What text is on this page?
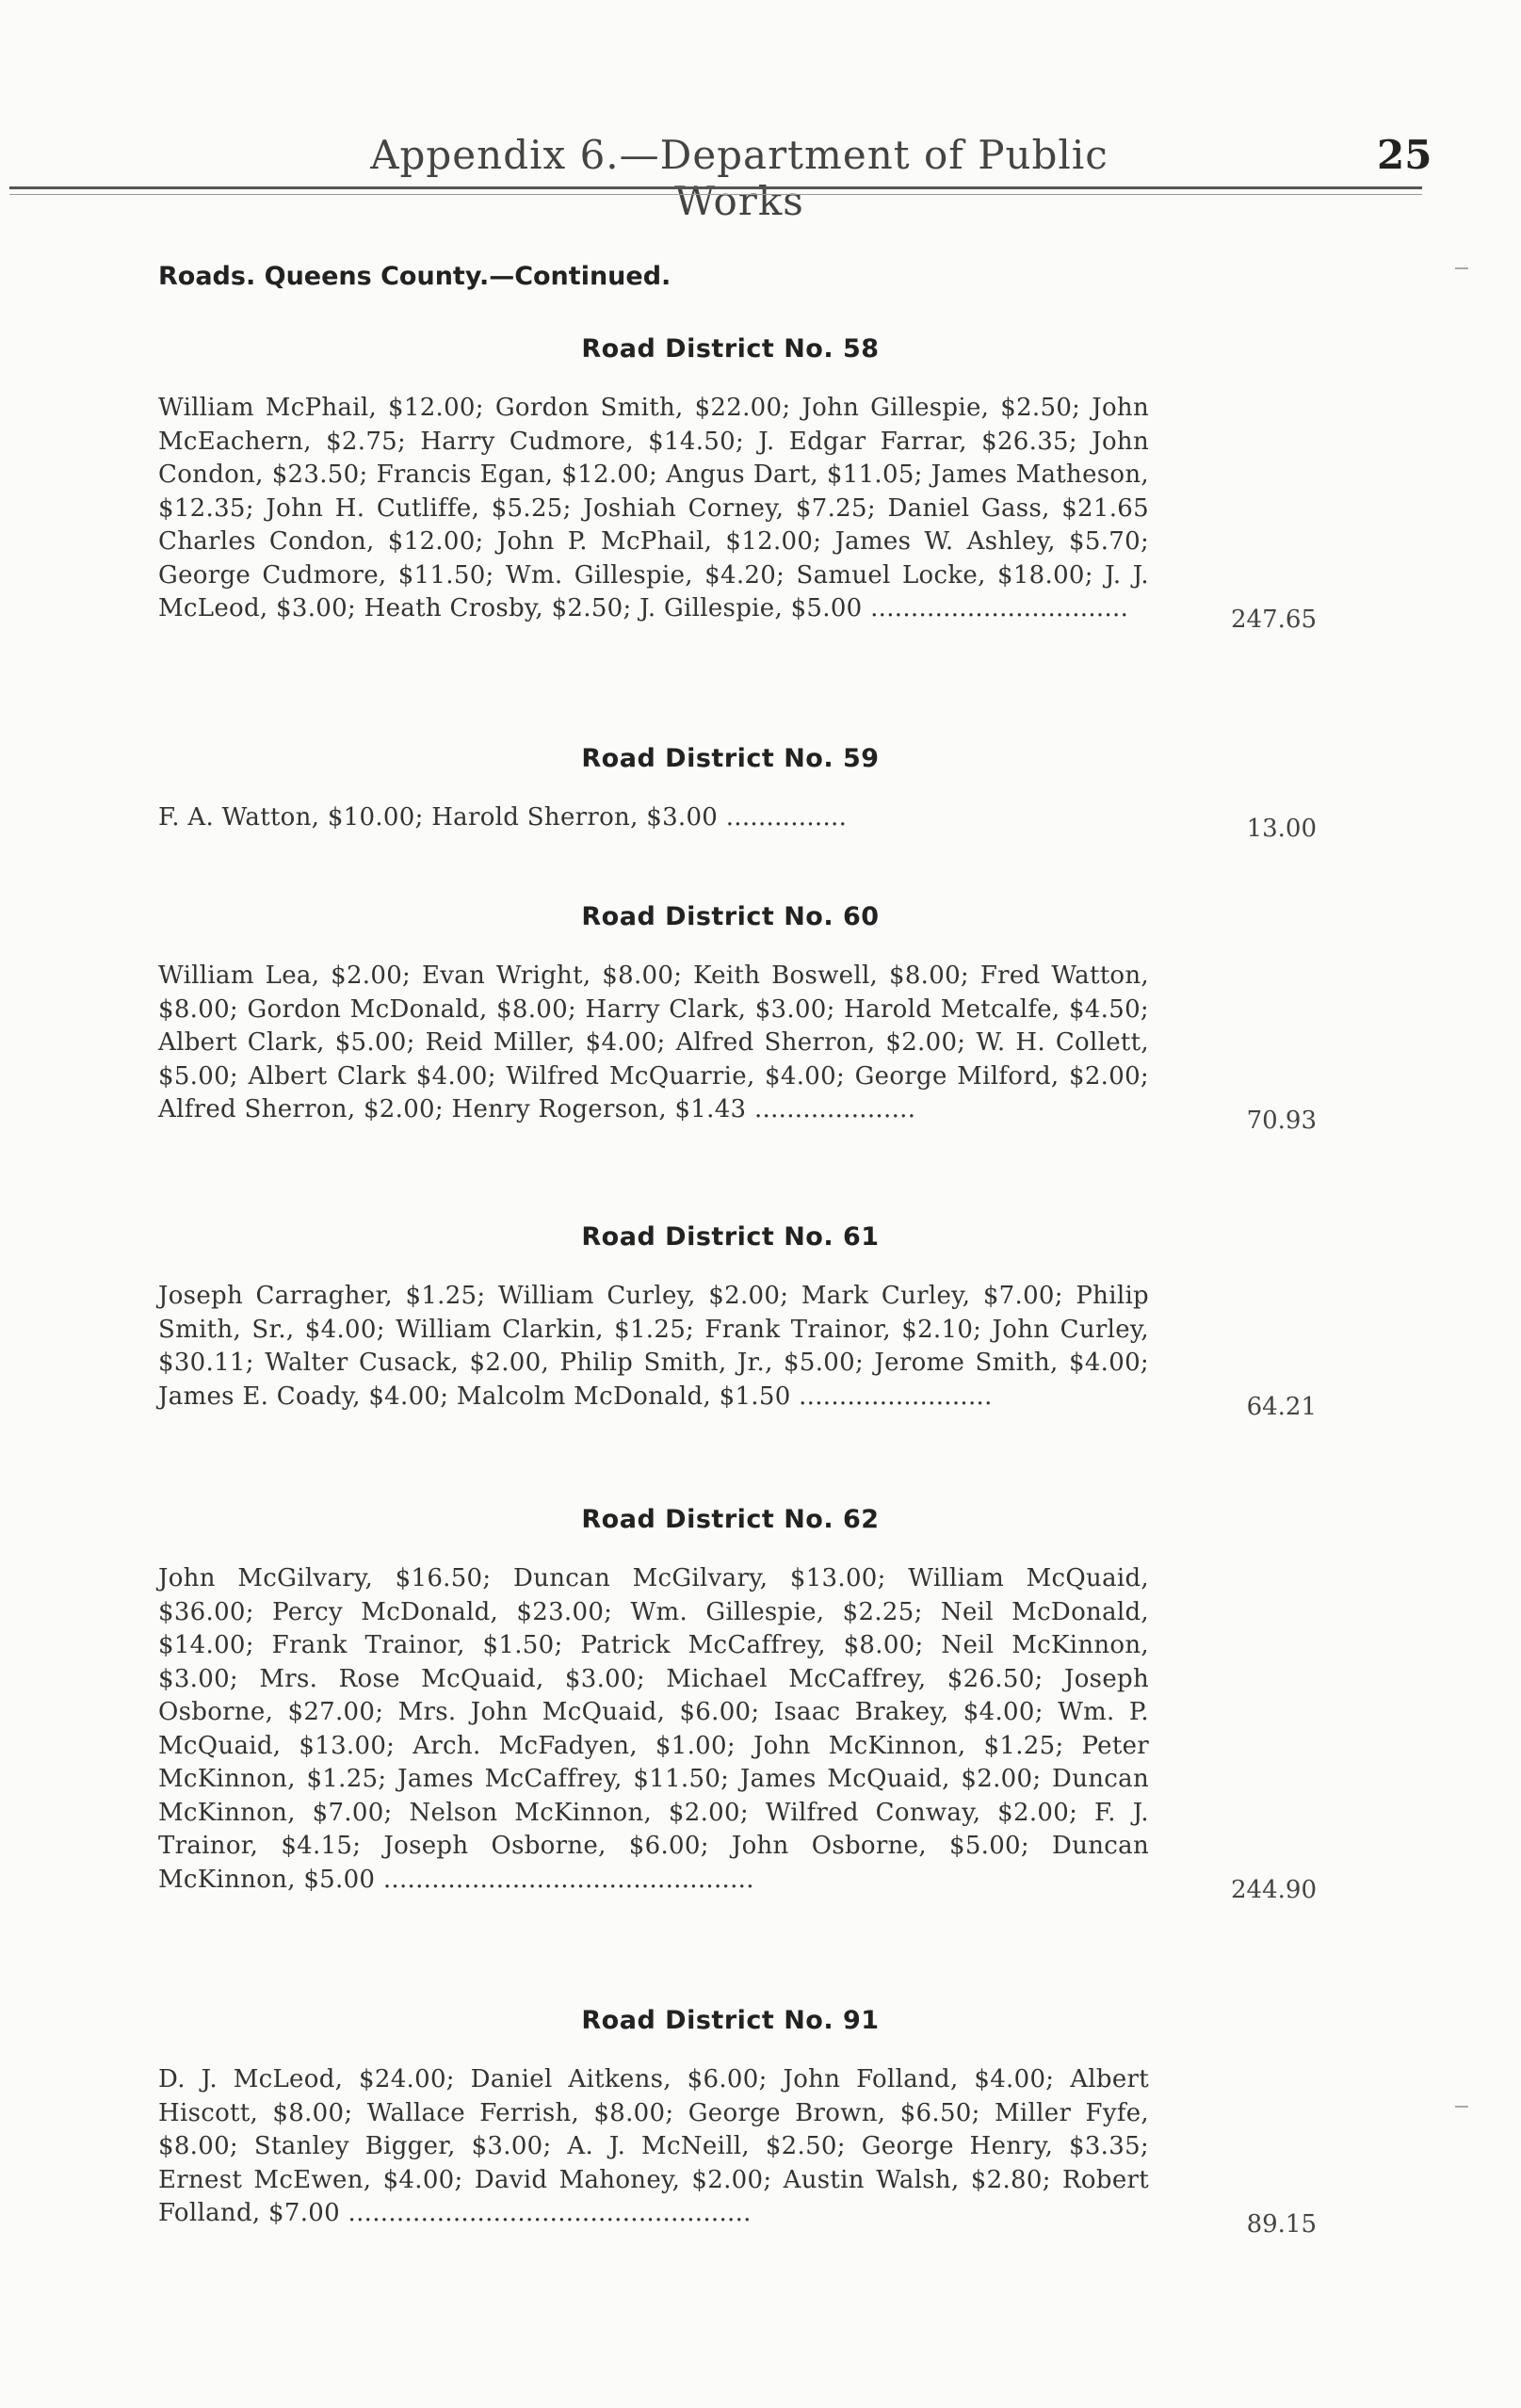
Appendix 6.—Department of Public Works
25
Roads. Queens County.—Continued.
Road District No. 58
William McPhail, $12.00; Gordon Smith, $22.00; John Gillespie, $2.50; John McEachern, $2.75; Harry Cudmore, $14.50; J. Edgar Farrar, $26.35; John Condon, $23.50; Francis Egan, $12.00; Angus Dart, $11.05; James Matheson, $12.35; John H. Cutliffe, $5.25; Joshiah Corney, $7.25; Daniel Gass, $21.65 Charles Condon, $12.00; John P. McPhail, $12.00; James W. Ashley, $5.70; George Cudmore, $11.50; Wm. Gillespie, $4.20; Samuel Locke, $18.00; J. J. McLeod, $3.00; Heath Crosby, $2.50; J. Gillespie, $5.00 ................................	247.65
Road District No. 59
F. A. Watton, $10.00; Harold Sherron, $3.00 ...............	13.00
Road District No. 60
William Lea, $2.00; Evan Wright, $8.00; Keith Boswell, $8.00; Fred Watton, $8.00; Gordon McDonald, $8.00; Harry Clark, $3.00; Harold Metcalfe, $4.50; Albert Clark, $5.00; Reid Miller, $4.00; Alfred Sherron, $2.00; W. H. Collett, $5.00; Albert Clark $4.00; Wilfred McQuarrie, $4.00; George Milford, $2.00; Alfred Sherron, $2.00; Henry Rogerson, $1.43 ....................	70.93
Road District No. 61
Joseph Carragher, $1.25; William Curley, $2.00; Mark Curley, $7.00; Philip Smith, Sr., $4.00; William Clarkin, $1.25; Frank Trainor, $2.10; John Curley, $30.11; Walter Cusack, $2.00, Philip Smith, Jr., $5.00; Jerome Smith, $4.00; James E. Coady, $4.00; Malcolm McDonald, $1.50 ........................	64.21
Road District No. 62
John McGilvary, $16.50; Duncan McGilvary, $13.00; William McQuaid, $36.00; Percy McDonald, $23.00; Wm. Gillespie, $2.25; Neil McDonald, $14.00; Frank Trainor, $1.50; Patrick McCaffrey, $8.00; Neil McKinnon, $3.00; Mrs. Rose McQuaid, $3.00; Michael McCaffrey, $26.50; Joseph Osborne, $27.00; Mrs. John McQuaid, $6.00; Isaac Brakey, $4.00; Wm. P. McQuaid, $13.00; Arch. McFadyen, $1.00; John McKinnon, $1.25; Peter McKinnon, $1.25; James McCaffrey, $11.50; James McQuaid, $2.00; Duncan McKinnon, $7.00; Nelson McKinnon, $2.00; Wilfred Conway, $2.00; F. J. Trainor, $4.15; Joseph Osborne, $6.00; John Osborne, $5.00; Duncan McKinnon, $5.00 ..............................................	244.90
Road District No. 91
D. J. McLeod, $24.00; Daniel Aitkens, $6.00; John Folland, $4.00; Albert Hiscott, $8.00; Wallace Ferrish, $8.00; George Brown, $6.50; Miller Fyfe, $8.00; Stanley Bigger, $3.00; A. J. McNeill, $2.50; George Henry, $3.35; Ernest McEwen, $4.00; David Mahoney, $2.00; Austin Walsh, $2.80; Robert Folland, $7.00 ..................................................	89.15
